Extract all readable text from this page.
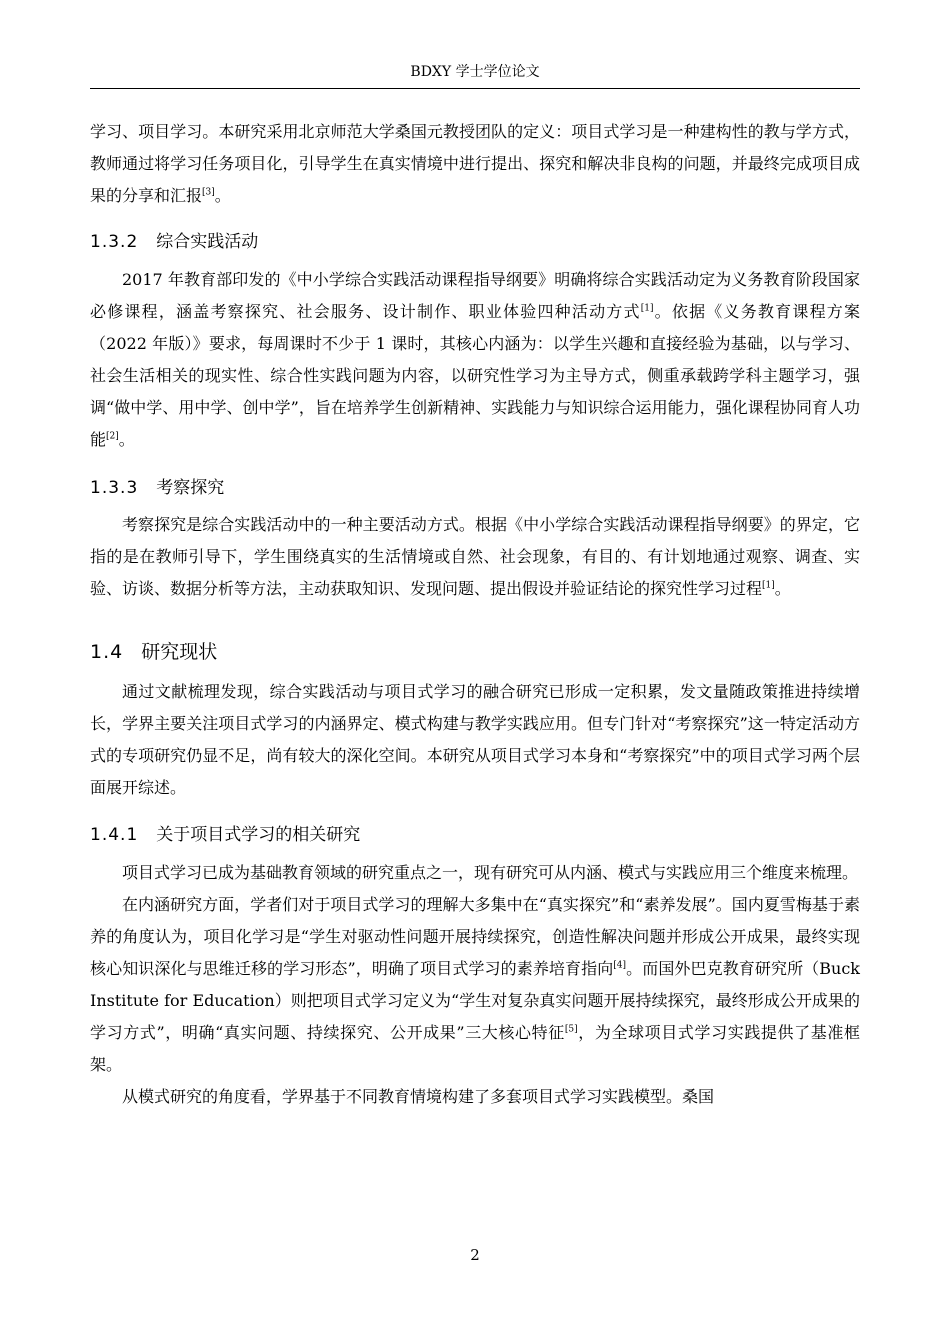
BDXY 学士学位论文

学习、项目学习。本研究采用北京师范大学桑国元教授团队的定义：项目式学习是一种建构性的教与学方式，教师通过将学习任务项目化，引导学生在真实情境中进行提出、探究和解决非良构的问题，并最终完成项目成果的分享和汇报[3]。

1.3.2 综合实践活动

2017 年教育部印发的《中小学综合实践活动课程指导纲要》明确将综合实践活动定为义务教育阶段国家必修课程，涵盖考察探究、社会服务、设计制作、职业体验四种活动方式[1]。依据《义务教育课程方案（2022 年版）》要求，每周课时不少于 1 课时，其核心内涵为：以学生兴趣和直接经验为基础，以与学习、社会生活相关的现实性、综合性实践问题为内容，以研究性学习为主导方式，侧重承载跨学科主题学习，强调“做中学、用中学、创中学”，旨在培养学生创新精神、实践能力与知识综合运用能力，强化课程协同育人功能[2]。

1.3.3 考察探究

考察探究是综合实践活动中的一种主要活动方式。根据《中小学综合实践活动课程指导纲要》的界定，它指的是在教师引导下，学生围绕真实的生活情境或自然、社会现象，有目的、有计划地通过观察、调查、实验、访谈、数据分析等方法，主动获取知识、发现问题、提出假设并验证结论的探究性学习过程[1]。

1.4 研究现状

通过文献梳理发现，综合实践活动与项目式学习的融合研究已形成一定积累，发文量随政策推进持续增长，学界主要关注项目式学习的内涵界定、模式构建与教学实践应用。但专门针对“考察探究”这一特定活动方式的专项研究仍显不足，尚有较大的深化空间。本研究从项目式学习本身和“考察探究”中的项目式学习两个层面展开综述。

1.4.1 关于项目式学习的相关研究

项目式学习已成为基础教育领域的研究重点之一，现有研究可从内涵、模式与实践应用三个维度来梳理。

在内涵研究方面，学者们对于项目式学习的理解大多集中在“真实探究”和“素养发展”。国内夏雪梅基于素养的角度认为，项目化学习是“学生对驱动性问题开展持续探究，创造性解决问题并形成公开成果，最终实现核心知识深化与思维迁移的学习形态”，明确了项目式学习的素养培育指向[4]。而国外巴克教育研究所（Buck Institute for Education）则把项目式学习定义为“学生对复杂真实问题开展持续探究，最终形成公开成果的学习方式”，明确“真实问题、持续探究、公开成果”三大核心特征[5]，为全球项目式学习实践提供了基准框架。

从模式研究的角度看，学界基于不同教育情境构建了多套项目式学习实践模型。桑国

2
